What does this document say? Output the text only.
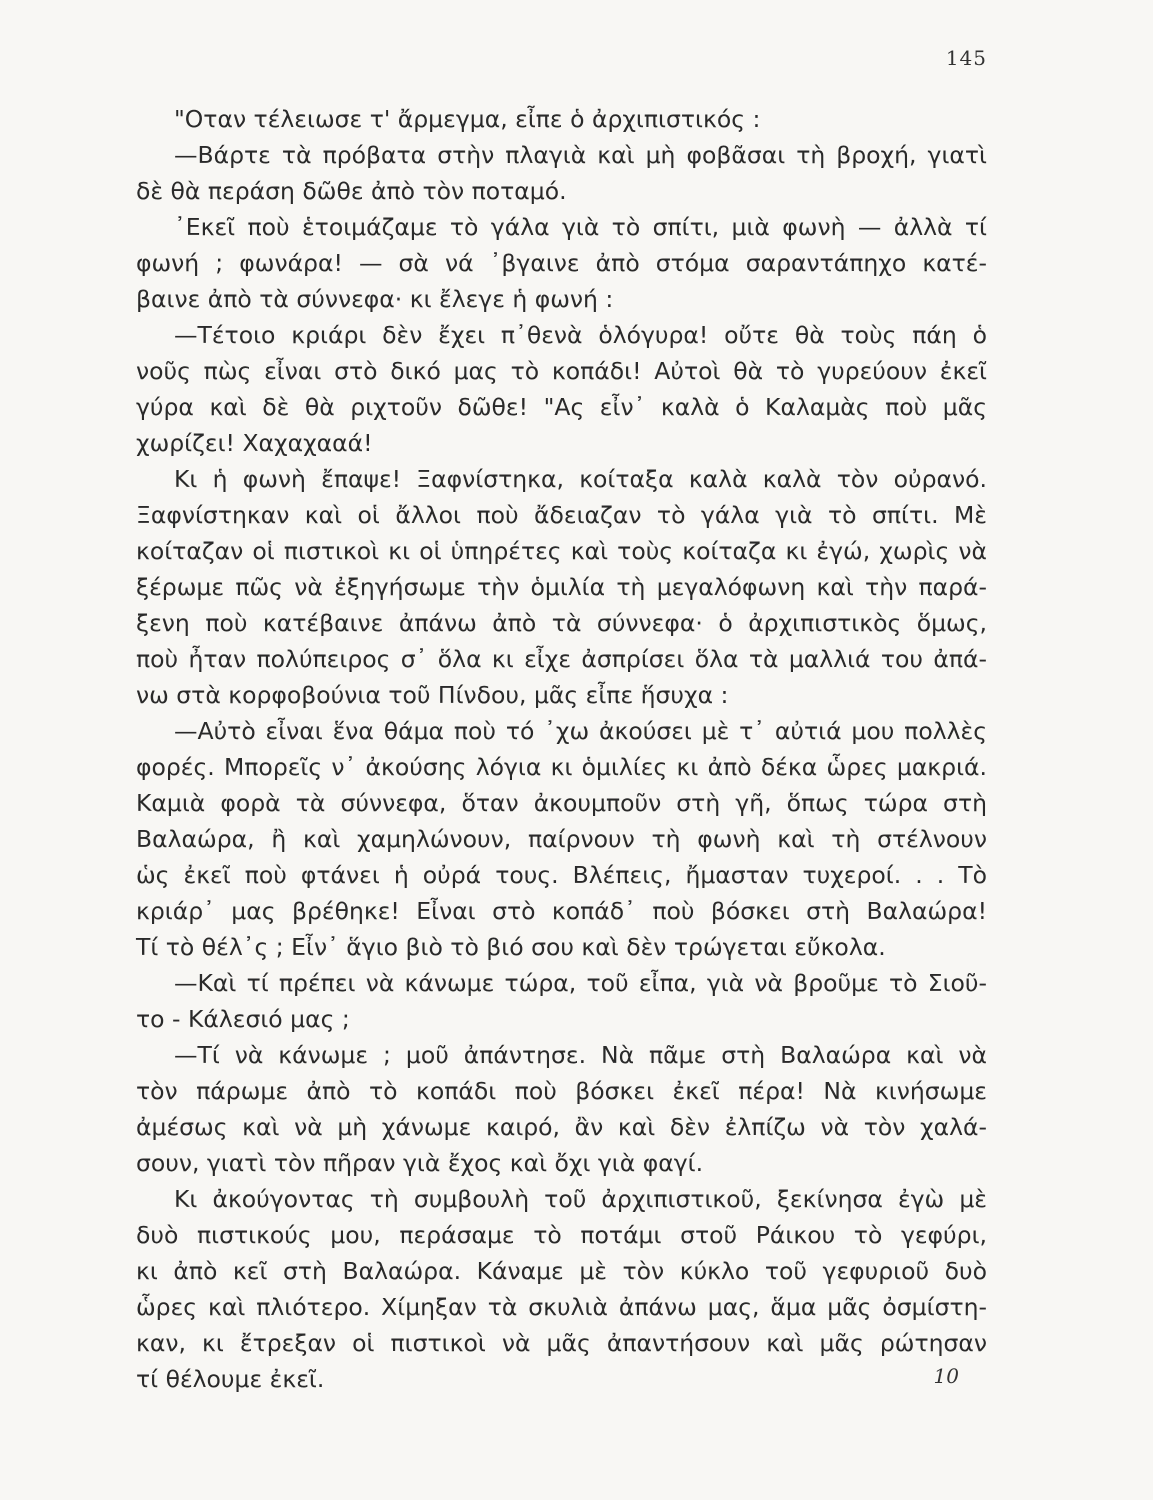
145
"Οταν τέλειωσε τ' ἄρμεγμα, εἶπε ὁ ἀρχιπιστικός :
—Βάρτε τὰ πρόβατα στὴν πλαγιὰ καὶ μὴ φοβᾶσαι τὴ βροχή, γιατὶ
δὲ θὰ περάση δῶθε ἀπὸ τὸν ποταμό.
᾿Εκεῖ ποὺ ἑτοιμάζαμε τὸ γάλα γιὰ τὸ σπίτι, μιὰ φωνὴ — ἀλλὰ τί
φωνή ; φωνάρα! — σὰ νά ᾿βγαινε ἀπὸ στόμα σαραντάπηχο κατέ-
βαινε ἀπὸ τὰ σύννεφα· κι ἔλεγε ἡ φωνή :
—Τέτοιο κριάρι δὲν ἔχει π᾿θενὰ ὁλόγυρα! οὔτε θὰ τοὺς πάη ὁ
νοῦς πὼς εἶναι στὸ δικό μας τὸ κοπάδι! Αὐτοὶ θὰ τὸ γυρεύουν ἐκεῖ
γύρα καὶ δὲ θὰ ριχτοῦν δῶθε! "Ας εἶν᾿ καλὰ ὁ Καλαμὰς ποὺ μᾶς
χωρίζει! Χαχαχααά!
Κι ἡ φωνὴ ἔπαψε! Ξαφνίστηκα, κοίταξα καλὰ καλὰ τὸν οὐρανό.
Ξαφνίστηκαν καὶ οἱ ἄλλοι ποὺ ἄδειαζαν τὸ γάλα γιὰ τὸ σπίτι. Μὲ
κοίταζαν οἱ πιστικοὶ κι οἱ ὑπηρέτες καὶ τοὺς κοίταζα κι ἐγώ, χωρὶς νὰ
ξέρωμε πῶς νὰ ἐξηγήσωμε τὴν ὁμιλία τὴ μεγαλόφωνη καὶ τὴν παρά-
ξενη ποὺ κατέβαινε ἀπάνω ἀπὸ τὰ σύννεφα· ὁ ἀρχιπιστικὸς ὅμως,
ποὺ ἦταν πολύπειρος σ᾿ ὅλα κι εἶχε ἀσπρίσει ὅλα τὰ μαλλιά του ἀπά-
νω στὰ κορφοβούνια τοῦ Πίνδου, μᾶς εἶπε ἥσυχα :
—Αὐτὸ εἶναι ἕνα θάμα ποὺ τό ᾿χω ἀκούσει μὲ τ᾿ αὐτιά μου πολλὲς
φορές. Μπορεῖς ν᾿ ἀκούσης λόγια κι ὁμιλίες κι ἀπὸ δέκα ὧρες μακριά.
Καμιὰ φορὰ τὰ σύννεφα, ὅταν ἀκουμποῦν στὴ γῆ, ὅπως τώρα στὴ
Βαλαώρα, ἢ καὶ χαμηλώνουν, παίρνουν τὴ φωνὴ καὶ τὴ στέλνουν
ὡς ἐκεῖ ποὺ φτάνει ἡ οὐρά τους. Βλέπεις, ἤμασταν τυχεροί. . . Τὸ
κριάρ᾿ μας βρέθηκε! Εἶναι στὸ κοπάδ᾿ ποὺ βόσκει στὴ Βαλαώρα!
Τί τὸ θέλ᾿ς ; Εἶν᾿ ἅγιο βιὸ τὸ βιό σου καὶ δὲν τρώγεται εὔκολα.
—Καὶ τί πρέπει νὰ κάνωμε τώρα, τοῦ εἶπα, γιὰ νὰ βροῦμε τὸ Σιοῦ-
το - Κάλεσιό μας ;
—Τί νὰ κάνωμε ; μοῦ ἀπάντησε. Νὰ πᾶμε στὴ Βαλαώρα καὶ νὰ
τὸν πάρωμε ἀπὸ τὸ κοπάδι ποὺ βόσκει ἐκεῖ πέρα! Νὰ κινήσωμε
ἀμέσως καὶ νὰ μὴ χάνωμε καιρό, ἂν καὶ δὲν ἐλπίζω νὰ τὸν χαλά-
σουν, γιατὶ τὸν πῆραν γιὰ ἔχος καὶ ὄχι γιὰ φαγί.
Κι ἀκούγοντας τὴ συμβουλὴ τοῦ ἀρχιπιστικοῦ, ξεκίνησα ἐγὼ μὲ
δυὸ πιστικούς μου, περάσαμε τὸ ποτάμι στοῦ Ράικου τὸ γεφύρι,
κι ἀπὸ κεῖ στὴ Βαλαώρα. Κάναμε μὲ τὸν κύκλο τοῦ γεφυριοῦ δυὸ
ὧρες καὶ πλιότερο. Χίμηξαν τὰ σκυλιὰ ἀπάνω μας, ἅμα μᾶς ὀσμίστη-
καν, κι ἔτρεξαν οἱ πιστικοὶ νὰ μᾶς ἀπαντήσουν καὶ μᾶς ρώτησαν
τί θέλουμε ἐκεῖ.	10
